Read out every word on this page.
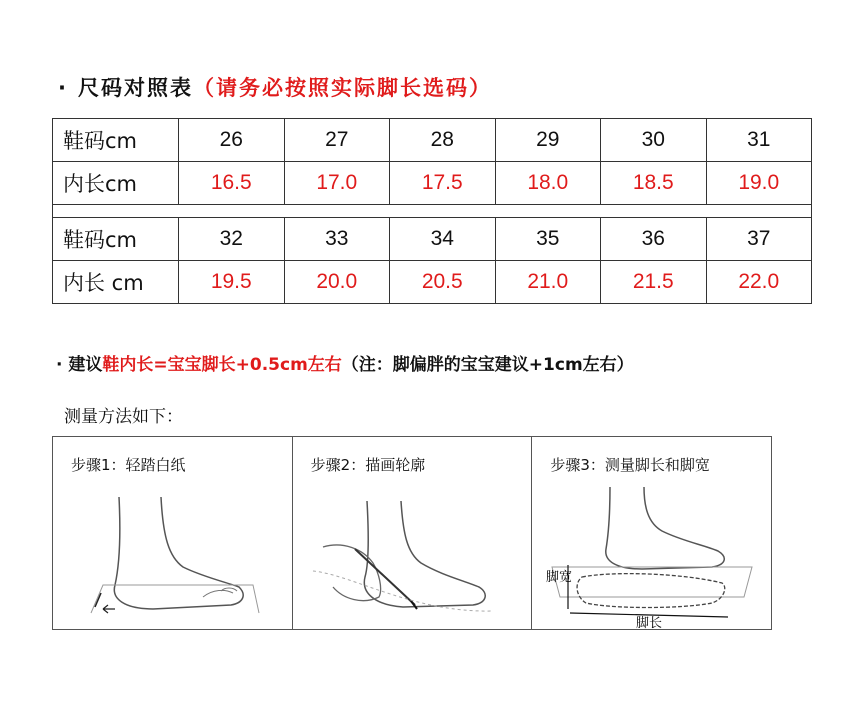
· 尺码对照表（请务必按照实际脚长选码）
鞋码cm	26	27	28	29	30	31
内长cm	16.5	17.0	17.5	18.0	18.5	19.0

鞋码cm	32	33	34	35	36	37
内长 cm	19.5	20.0	20.5	21.0	21.5	22.0
· 建议鞋内长=宝宝脚长+0.5cm左右（注：脚偏胖的宝宝建议+1cm左右）
测量方法如下：
步骤1：轻踏白纸	步骤2：描画轮廓	步骤3：测量脚长和脚宽
脚宽
脚长
